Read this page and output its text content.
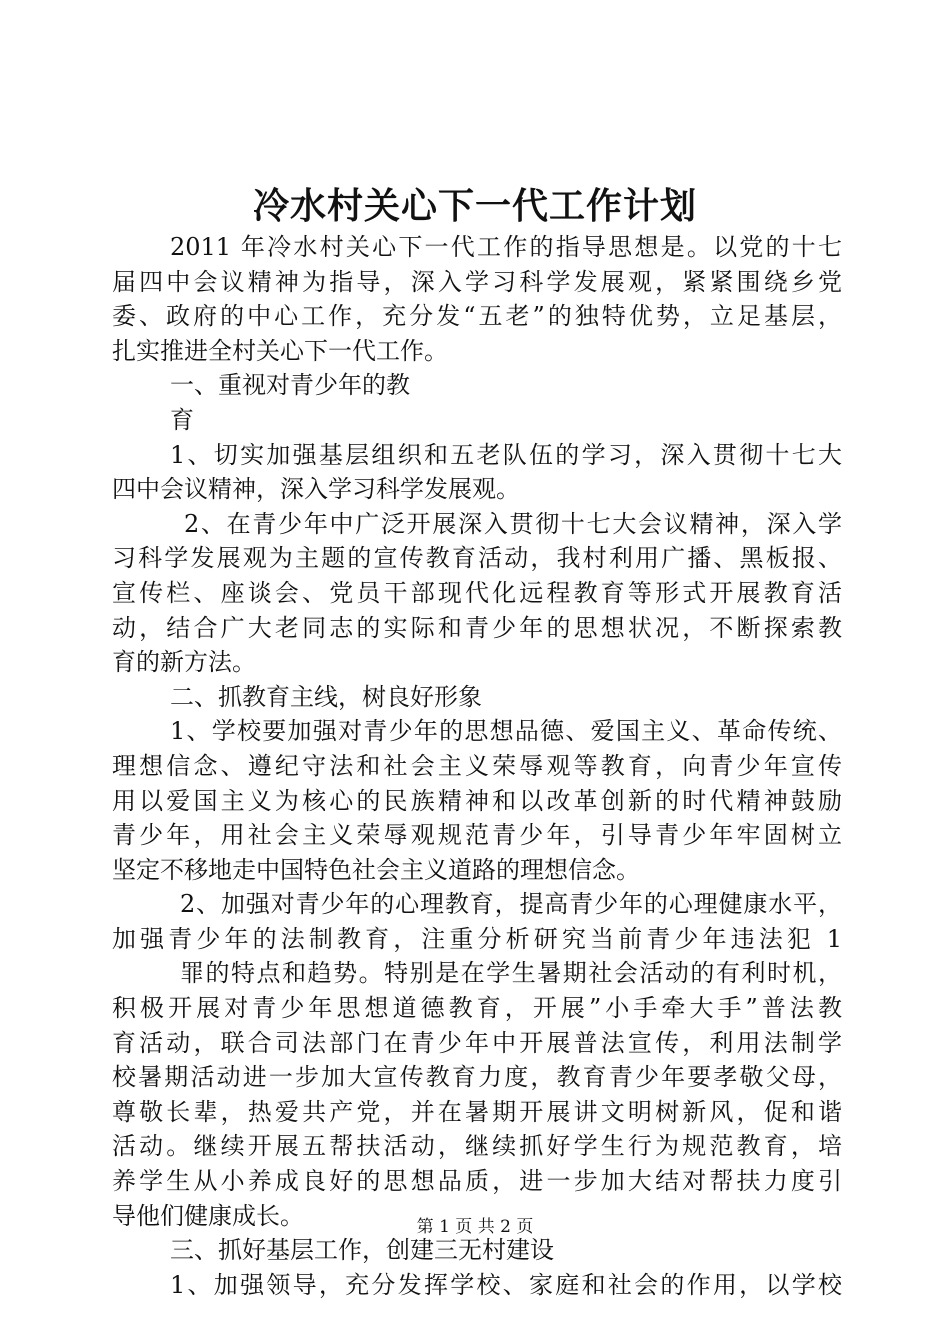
冷水村关心下一代工作计划
2011 年冷水村关心下一代工作的指导思想是。以党的十七
届四中会议精神为指导，深入学习科学发展观，紧紧围绕乡党
委、政府的中心工作，充分发“五老”的独特优势，立足基层，
扎实推进全村关心下一代工作。
一、重视对青少年的教
育
1、切实加强基层组织和五老队伍的学习，深入贯彻十七大
四中会议精神，深入学习科学发展观。
2、在青少年中广泛开展深入贯彻十七大会议精神，深入学
习科学发展观为主题的宣传教育活动，我村利用广播、黑板报、
宣传栏、座谈会、党员干部现代化远程教育等形式开展教育活
动，结合广大老同志的实际和青少年的思想状况，不断探索教
育的新方法。
二、抓教育主线，树良好形象
1、学校要加强对青少年的思想品德、爱国主义、革命传统、
理想信念、遵纪守法和社会主义荣辱观等教育，向青少年宣传
用以爱国主义为核心的民族精神和以改革创新的时代精神鼓励
青少年，用社会主义荣辱观规范青少年，引导青少年牢固树立
坚定不移地走中国特色社会主义道路的理想信念。
2、加强对青少年的心理教育，提高青少年的心理健康水平，
加强青少年的法制教育，注重分析研究当前青少年违法犯 1
罪的特点和趋势。特别是在学生暑期社会活动的有利时机，
积极开展对青少年思想道德教育，开展”小手牵大手”普法教
育活动，联合司法部门在青少年中开展普法宣传，利用法制学
校暑期活动进一步加大宣传教育力度，教育青少年要孝敬父母，
尊敬长辈，热爱共产党，并在暑期开展讲文明树新风，促和谐
活动。继续开展五帮扶活动，继续抓好学生行为规范教育，培
养学生从小养成良好的思想品质，进一步加大结对帮扶力度引
导他们健康成长。
三、抓好基层工作，创建三无村建设
1、加强领导，充分发挥学校、家庭和社会的作用，以学校
第 1 页 共 2 页
